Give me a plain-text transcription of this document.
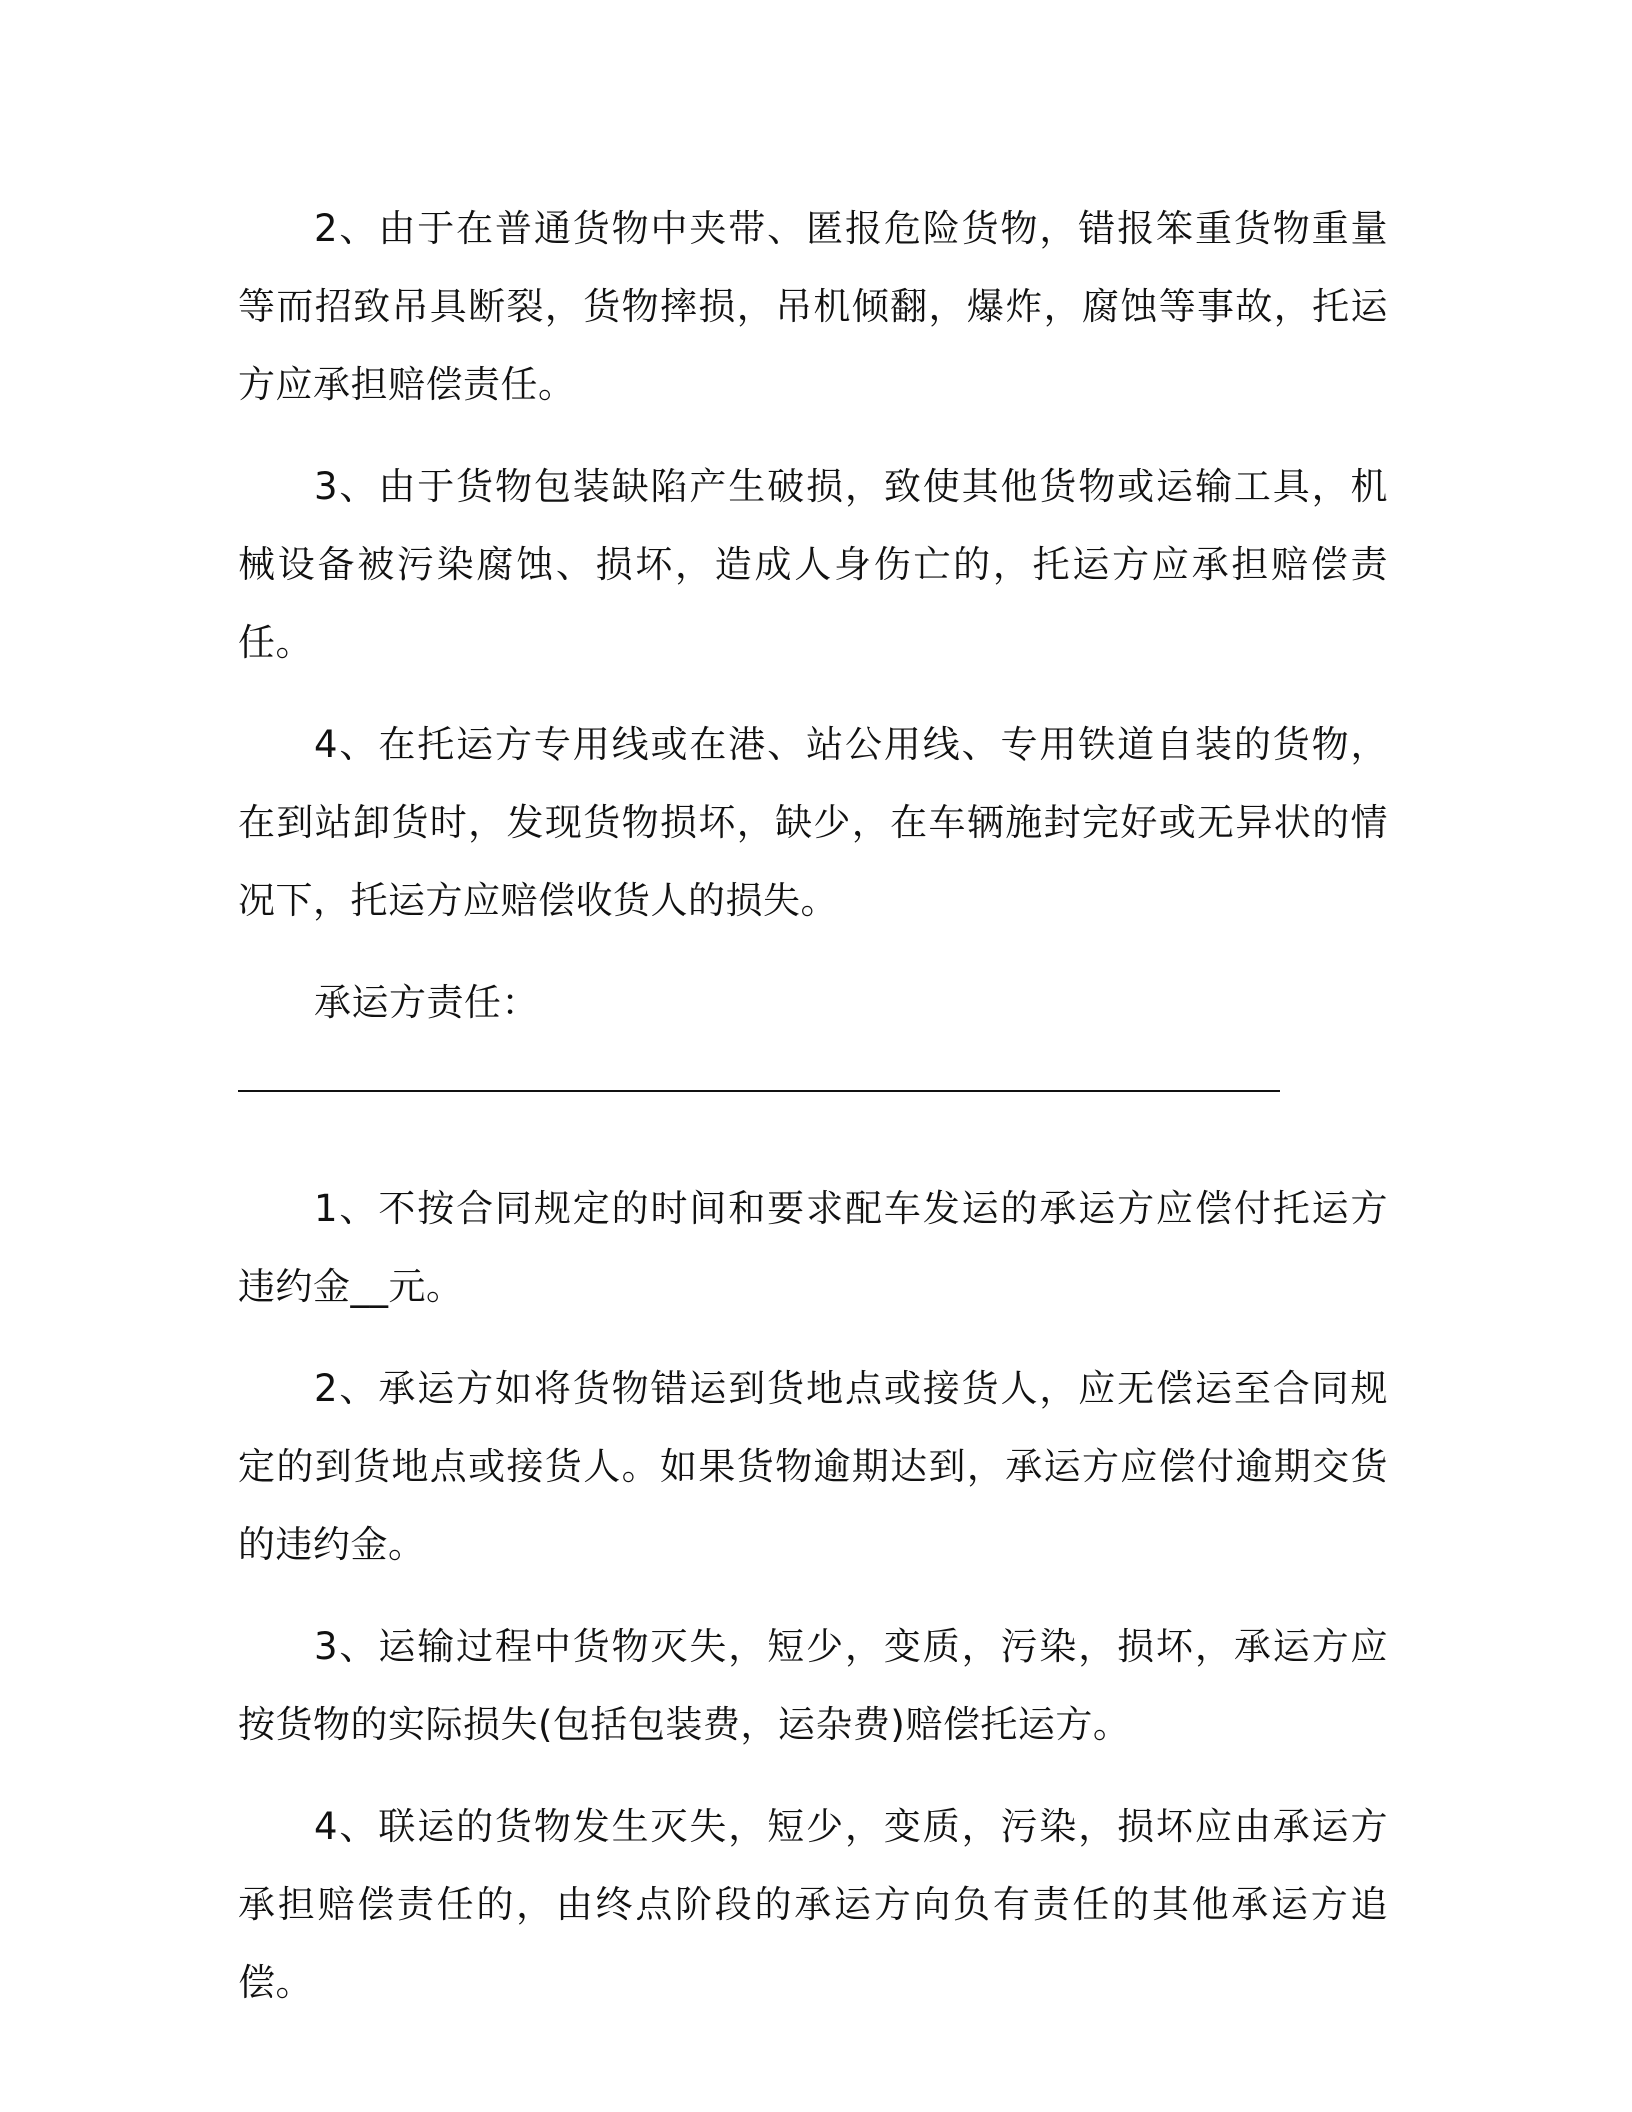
2、由于在普通货物中夹带、匿报危险货物，错报笨重货物重量等而招致吊具断裂，货物摔损，吊机倾翻，爆炸，腐蚀等事故，托运方应承担赔偿责任。

3、由于货物包装缺陷产生破损，致使其他货物或运输工具，机械设备被污染腐蚀、损坏，造成人身伤亡的，托运方应承担赔偿责任。

4、在托运方专用线或在港、站公用线、专用铁道自装的货物，在到站卸货时，发现货物损坏，缺少，在车辆施封完好或无异状的情况下，托运方应赔偿收货人的损失。

承运方责任：

1、不按合同规定的时间和要求配车发运的承运方应偿付托运方违约金__元。

2、承运方如将货物错运到货地点或接货人，应无偿运至合同规定的到货地点或接货人。如果货物逾期达到，承运方应偿付逾期交货的违约金。

3、运输过程中货物灭失，短少，变质，污染，损坏，承运方应按货物的实际损失(包括包装费，运杂费)赔偿托运方。

4、联运的货物发生灭失，短少，变质，污染，损坏应由承运方承担赔偿责任的，由终点阶段的承运方向负有责任的其他承运方追偿。
